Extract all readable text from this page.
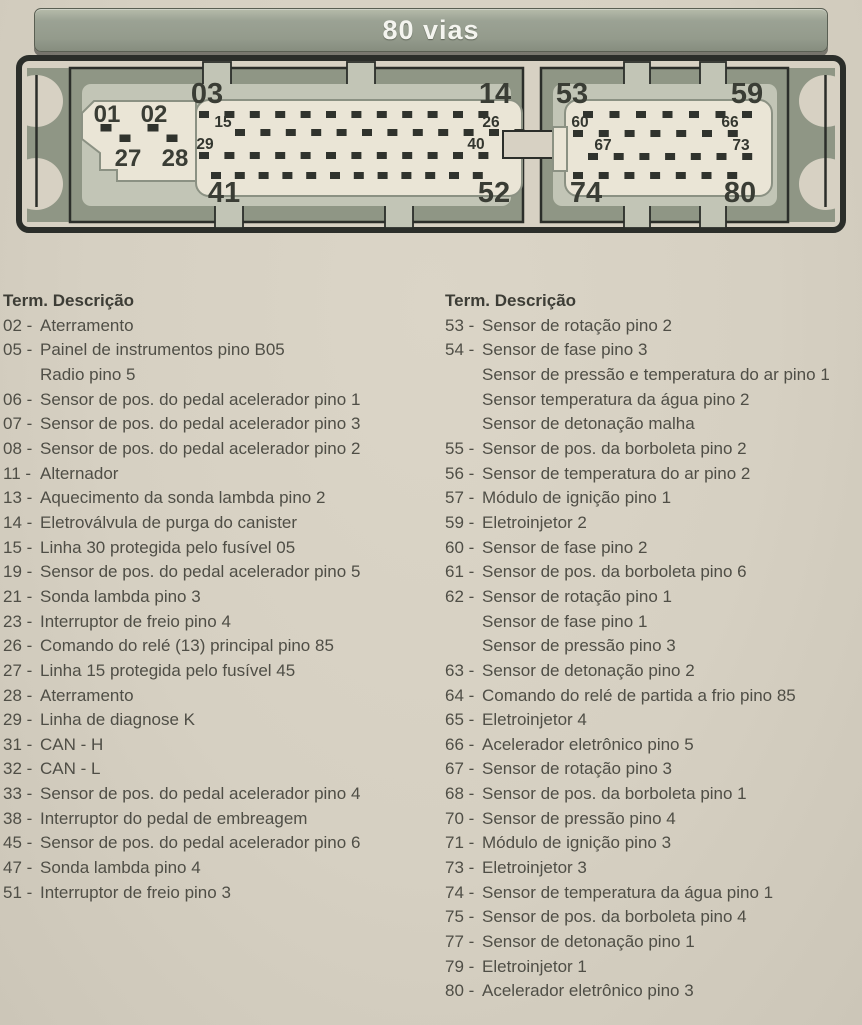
80 vias
03	14
41	52
01 02
27 28
15	26
29	40
53	59
74	80
60	66
67	73
Term. Descrição
02 - Aterramento
05 - Painel de instrumentos pino B05
Radio pino 5
06 - Sensor de pos. do pedal acelerador pino 1
07 - Sensor de pos. do pedal acelerador pino 3
08 - Sensor de pos. do pedal acelerador pino 2
11 - Alternador
13 - Aquecimento da sonda lambda pino 2
14 - Eletroválvula de purga do canister
15 - Linha 30 protegida pelo fusível 05
19 - Sensor de pos. do pedal acelerador pino 5
21 - Sonda lambda pino 3
23 - Interruptor de freio pino 4
26 - Comando do relé (13) principal pino 85
27 - Linha 15 protegida pelo fusível 45
28 - Aterramento
29 - Linha de diagnose K
31 - CAN - H
32 - CAN - L
33 - Sensor de pos. do pedal acelerador pino 4
38 - Interruptor do pedal de embreagem
45 - Sensor de pos. do pedal acelerador pino 6
47 - Sonda lambda pino 4
51 - Interruptor de freio pino 3
Term. Descrição
53 - Sensor de rotação pino 2
54 - Sensor de fase pino 3
Sensor de pressão e temperatura do ar pino 1
Sensor temperatura da água pino 2
Sensor de detonação malha
55 - Sensor de pos. da borboleta pino 2
56 - Sensor de temperatura do ar pino 2
57 - Módulo de ignição pino 1
59 - Eletroinjetor 2
60 - Sensor de fase pino 2
61 - Sensor de pos. da borboleta pino 6
62 - Sensor de rotação pino 1
Sensor de fase pino 1
Sensor de pressão pino 3
63 - Sensor de detonação pino 2
64 - Comando do relé de partida a frio pino 85
65 - Eletroinjetor 4
66 - Acelerador eletrônico pino 5
67 - Sensor de rotação pino 3
68 - Sensor de pos. da borboleta pino 1
70 - Sensor de pressão pino 4
71 - Módulo de ignição pino 3
73 - Eletroinjetor 3
74 - Sensor de temperatura da água pino 1
75 - Sensor de pos. da borboleta pino 4
77 - Sensor de detonação pino 1
79 - Eletroinjetor 1
80 - Acelerador eletrônico pino 3
